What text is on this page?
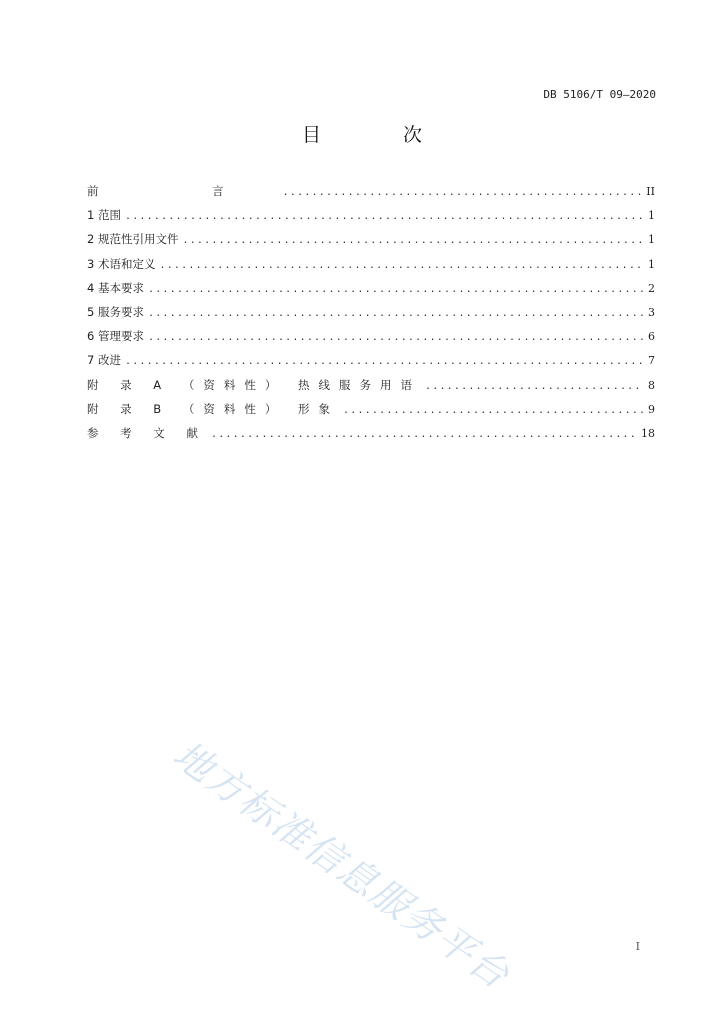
DB 5106/T 09—2020
目 次
前 言 .....	II
1 范围 .....	1
2 规范性引用文件 .....	1
3 术语和定义 .....	1
4 基本要求 .....	2
5 服务要求 .....	3
6 管理要求 .....	6
7 改进 .....	7
附 录 A （资料性） 热线服务用语 .....	8
附 录 B （资料性） 形象 .....	9
参 考 文 献 .....	18
地方标准信息服务平台	I
